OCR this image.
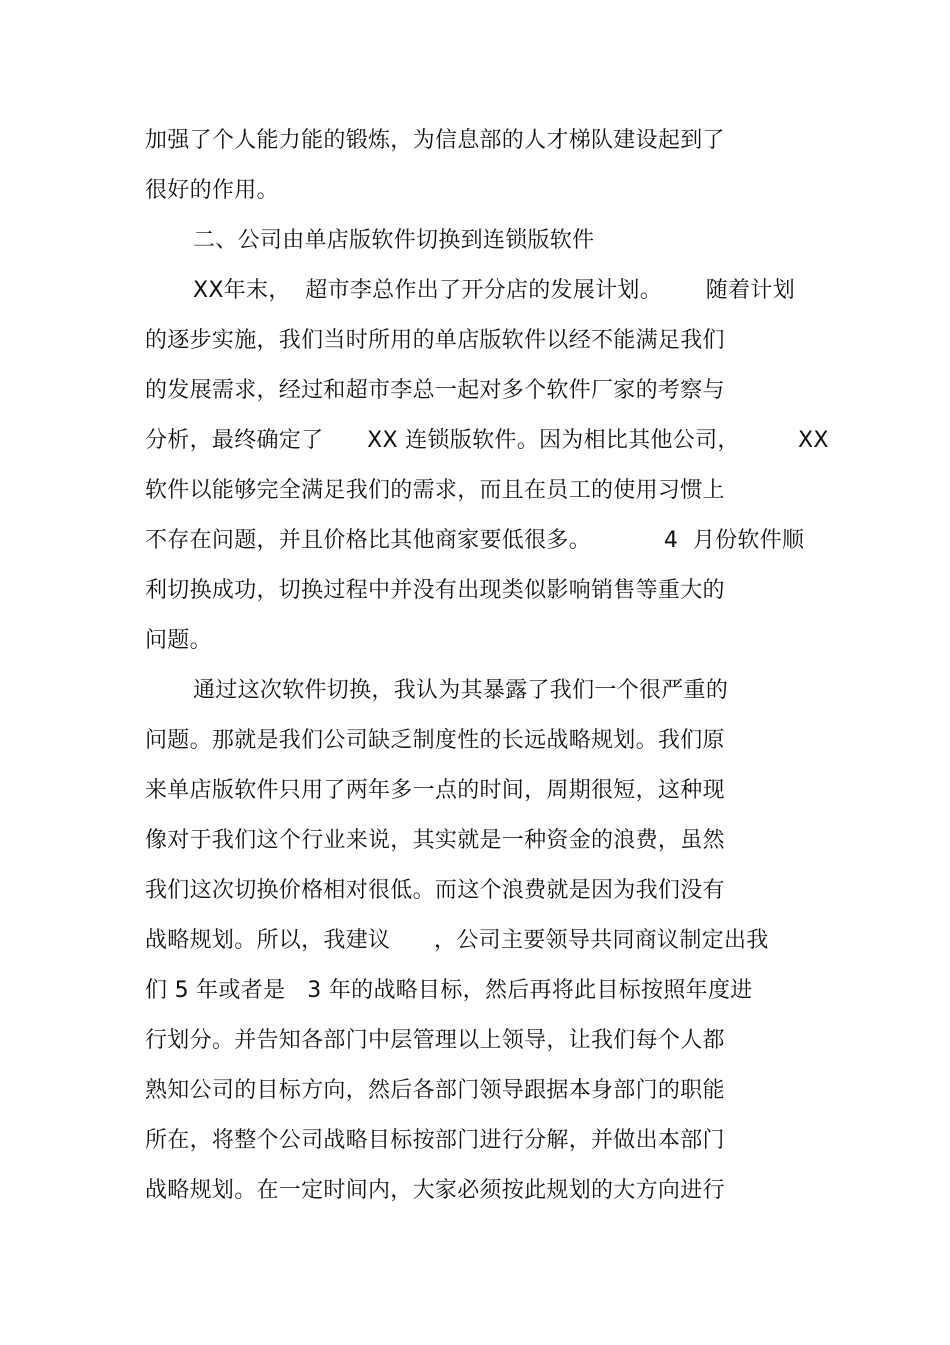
加强了个人能力能的锻炼，为信息部的人才梯队建设起到了

很好的作用。

二、公司由单店版软件切换到连锁版软件

XX年末，  超市李总作出了开分店的发展计划。      随着计划

的逐步实施，我们当时所用的单店版软件以经不能满足我们

的发展需求，经过和超市李总一起对多个软件厂家的考察与

分析，最终确定了      XX 连锁版软件。因为相比其他公司，        XX

软件以能够完全满足我们的需求，而且在员工的使用习惯上

不存在问题，并且价格比其他商家要低很多。          4  月份软件顺

利切换成功，切换过程中并没有出现类似影响销售等重大的

问题。

通过这次软件切换，我认为其暴露了我们一个很严重的

问题。那就是我们公司缺乏制度性的长远战略规划。我们原

来单店版软件只用了两年多一点的时间，周期很短，这种现

像对于我们这个行业来说，其实就是一种资金的浪费，虽然

我们这次切换价格相对很低。而这个浪费就是因为我们没有

战略规划。所以，我建议      ，公司主要领导共同商议制定出我

们 5 年或者是   3 年的战略目标，然后再将此目标按照年度进

行划分。并告知各部门中层管理以上领导，让我们每个人都

熟知公司的目标方向，然后各部门领导跟据本身部门的职能

所在，将整个公司战略目标按部门进行分解，并做出本部门

战略规划。在一定时间内，大家必须按此规划的大方向进行
